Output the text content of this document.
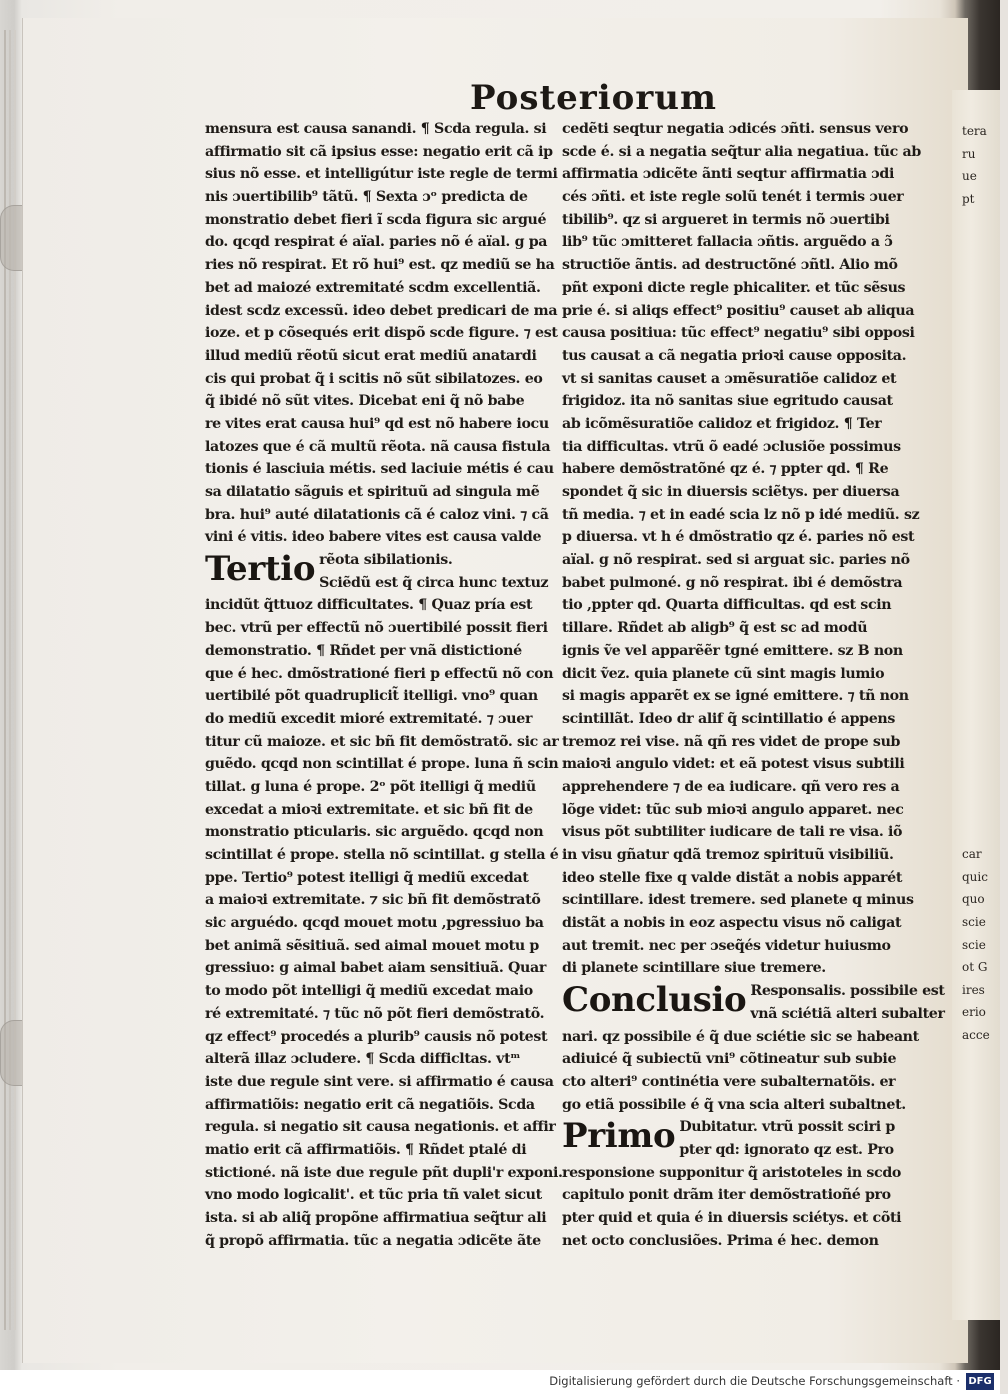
Posteriorum
mensura est causa sanandi. ¶ Scda regula. si
affirmatio sit cã ipsius esse: negatio erit cã ip
sius nõ esse. et intelligútur iste regle de termi
nis ɔuertibilib⁹ tãtũ. ¶ Sexta ɔᵒ predicta de
monstratio debet fieri ĩ scda figura sic argué
do. qcqd respirat é aïal. paries nõ é aïal. g pa
ries nõ respirat. Et rõ hui⁹ est. qz mediũ se ha
bet ad maiozé extremitaté scdm excellentiã.
idest scdz excessũ. ideo debet predicari de ma
ioze. et p cõsequés erit dispõ scde figure. ⁊ est
illud mediũ rẽotũ sicut erat mediũ anatardi
cis qui probat q̃ i scitis nõ sũt sibilatozes. eo
q̃ ibidé nõ sũt vites. Dicebat eni q̃ nõ babe
re vites erat causa hui⁹ qd est nõ habere iocu
latozes que é cã multũ rẽota. nã causa fistula
tionis é lasciuia métis. sed laciuie métis é cau
sa dilatatio sãguis et spirituũ ad singula mẽ
bra. hui⁹ auté dilatationis cã é caloz vini. ⁊ cã
vini é vitis. ideo babere vites est causa valde
Tertio rẽota sibilationis.
Sciẽdũ est q̃ circa hunc textuz
incidũt q̃ttuoz difficultates. ¶ Quaz pría est
bec. vtrũ per effectũ nõ ɔuertibilé possit fieri
demonstratio. ¶ Rñdet per vnã distictioné
que é hec. dmõstrationé fieri p effectũ nõ con
uertibilé põt quadruplicit̃ itelligi. vno⁹ quan
do mediũ excedit mioré extremitaté. ⁊ ɔuer
titur cũ maioze. et sic bñ fit demõstratõ. sic ar
guẽdo. qcqd non scintillat é prope. luna ñ scin
tillat. g luna é prope. 2ᵒ põt itelligi q̃ mediũ
excedat a mioꝛi extremitate. et sic bñ fit de
monstratio pticularis. sic arguẽdo. qcqd non
scintillat é prope. stella nõ scintillat. g stella é
ppe. Tertio⁹ potest itelligi q̃ mediũ excedat
a maioꝛi extremitate. ⁊ sic bñ fit demõstratõ
sic arguédo. qcqd mouet motu ,pgressiuo ba
bet animã sẽsitiuã. sed aimal mouet motu p
gressiuo: g aimal babet aiam sensitiuã. Quar
to modo põt intelligi q̃ mediũ excedat maio
ré extremitaté. ⁊ tũc nõ põt fieri demõstratõ.
qz effect⁹ procedés a plurib⁹ causis nõ potest
alterã illaz ɔcludere. ¶ Scda difficltas. vtᵐ
iste due regule sint vere. si affirmatio é causa
affirmatiõis: negatio erit cã negatiõis. Scda
regula. si negatio sit causa negationis. et affir
matio erit cã affirmatiõis. ¶ Rñdet ptalé di
stictioné. nã iste due regule pñt dupli'r exponi.
vno modo logicalit'. et tũc pria tñ valet sicut
ista. si ab aliq̃ propõne affirmatiua seq̃tur ali
q̃ propõ affirmatia. tũc a negatia ɔdicẽte ãte
cedẽti seqtur negatia ɔdicés ɔñti. sensus vero
scde é. si a negatia seq̃tur alia negatiua. tũc ab
affirmatia ɔdicẽte ãnti seqtur affirmatia ɔdi
cés ɔñti. et iste regle solũ tenét i termis ɔuer
tibilib⁹. qz si argueret in termis nõ ɔuertibi
lib⁹ tũc ɔmitteret fallacia ɔñtis. arguẽdo a ɔ̃
structiõe ãntis. ad destructõné ɔñtl. Alio mõ
pñt exponi dicte regle phicaliter. et tũc sẽsus
prie é. si aliqs effect⁹ positiu⁹ causet ab aliqua
causa positiua: tũc effect⁹ negatiu⁹ sibi opposi
tus causat a cã negatia prioꝛi cause opposita.
vt si sanitas causet a ɔmẽsuratiõe calidoz et
frigidoz. ita nõ sanitas siue egritudo causat
ab icõmẽsuratiõe calidoz et frigidoz. ¶ Ter
tia difficultas. vtrũ õ eadé ɔclusiõe possimus
habere demõstratõné qz é. ⁊ ppter qd. ¶ Re
spondet q̃ sic in diuersis sciẽtys. per diuersa
tñ media. ⁊ et in eadé scia lz nõ p idé mediũ. sz
p diuersa. vt h é dmõstratio qz é. paries nõ est
aïal. g nõ respirat. sed si arguat sic. paries nõ
babet pulmoné. g nõ respirat. ibi é demõstra
tio ,ppter qd. Quarta difficultas. qd est scin
tillare. Rñdet ab aligb⁹ q̃ est sc ad modũ
ignis ṽe vel apparẽẽr tgné emittere. sz B non
dicit ṽez. quia planete cũ sint magis lumio
si magis apparẽt ex se igné emittere. ⁊ tñ non
scintillãt. Ideo dr alif q̃ scintillatio é appens
tremoz rei vise. nã qñ res videt de prope sub
maioꝛi angulo videt: et eã potest visus subtili
apprehendere ⁊ de ea iudicare. qñ vero res a
lõge videt: tũc sub mioꝛi angulo apparet. nec
visus põt subtiliter iudicare de tali re visa. iõ
in visu gñatur qdã tremoz spirituũ visibiliũ.
ideo stelle fixe q valde distãt a nobis apparét
scintillare. idest tremere. sed planete q minus
distãt a nobis in eoz aspectu visus nõ caligat
aut tremit. nec per ɔseq̃és videtur huiusmo
di planete scintillare siue tremere.
Conclusio Responsalis. possibile est
vnã sciétiã alteri subalter
nari. qz possibile é q̃ due sciétie sic se habeant
adiuicé q̃ subiectũ vni⁹ cõtineatur sub subie
cto alteri⁹ continétia vere subalternatõis. er
go etiã possibile é q̃ vna scia alteri subaltnet.
Primo Dubitatur. vtrũ possit sciri p
pter qd: ignorato qz est. Pro
responsione supponitur q̃ aristoteles in scdo
capitulo ponit drãm iter demõstratioñé pro
pter quid et quia é in diuersis sciétys. et cõti
net octo conclusiões. Prima é hec. demon
tera
ru
ue
pt
car
quic
quo
scie
scie
ot G
ires
erio
acce
Digitalisierung gefördert durch die Deutsche Forschungsgemeinschaft · DFG
